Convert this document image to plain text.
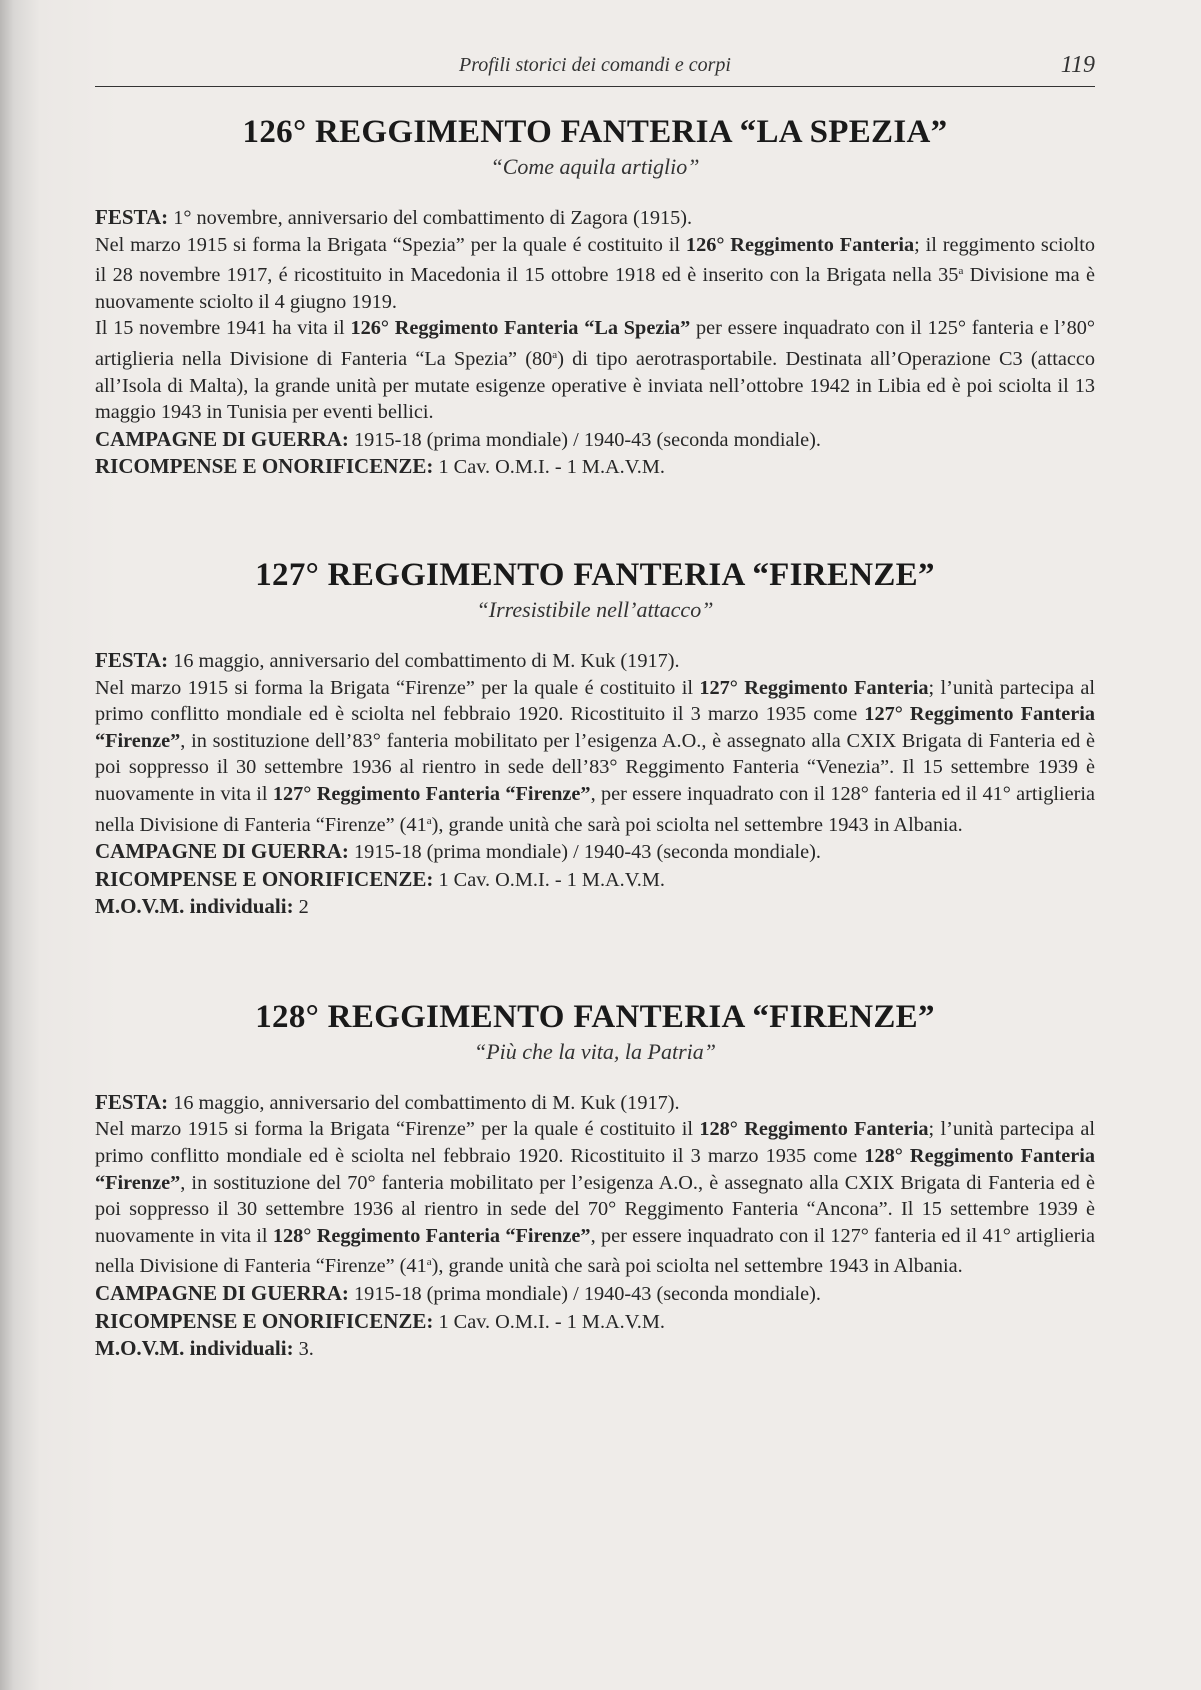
Profili storici dei comandi e corpi	119
126° REGGIMENTO FANTERIA “LA SPEZIA”
“Come aquila artiglio”
FESTA: 1° novembre, anniversario del combattimento di Zagora (1915).
Nel marzo 1915 si forma la Brigata “Spezia” per la quale é costituito il 126° Reggimento Fanteria; il reggimento sciolto il 28 novembre 1917, é ricostituito in Macedonia il 15 ottobre 1918 ed è inserito con la Brigata nella 35$^a$ Divisione ma è nuovamente sciolto il 4 giugno 1919.
Il 15 novembre 1941 ha vita il 126° Reggimento Fanteria “La Spezia” per essere inquadrato con il 125° fanteria e l’80° artiglieria nella Divisione di Fanteria “La Spezia” (80$^a$) di tipo aerotrasportabile. Destinata all’Operazione C3 (attacco all’Isola di Malta), la grande unità per mutate esigenze operative è inviata nell’ottobre 1942 in Libia ed è poi sciolta il 13 maggio 1943 in Tunisia per eventi bellici.
CAMPAGNE DI GUERRA: 1915-18 (prima mondiale) / 1940-43 (seconda mondiale).
RICOMPENSE E ONORIFICENZE: 1 Cav. O.M.I. - 1 M.A.V.M.
127° REGGIMENTO FANTERIA “FIRENZE”
“Irresistibile nell’attacco”
FESTA: 16 maggio, anniversario del combattimento di M. Kuk (1917).
Nel marzo 1915 si forma la Brigata “Firenze” per la quale é costituito il 127° Reggimento Fanteria; l’unità partecipa al primo conflitto mondiale ed è sciolta nel febbraio 1920. Ricostituito il 3 marzo 1935 come 127° Reggimento Fanteria “Firenze”, in sostituzione dell’83° fanteria mobilitato per l’esigenza A.O., è assegnato alla CXIX Brigata di Fanteria ed è poi soppresso il 30 settembre 1936 al rientro in sede dell’83° Reggimento Fanteria “Venezia”. Il 15 settembre 1939 è nuovamente in vita il 127° Reggimento Fanteria “Firenze”, per essere inquadrato con il 128° fanteria ed il 41° artiglieria nella Divisione di Fanteria “Firenze” (41$^a$), grande unità che sarà poi sciolta nel settembre 1943 in Albania.
CAMPAGNE DI GUERRA: 1915-18 (prima mondiale) / 1940-43 (seconda mondiale).
RICOMPENSE E ONORIFICENZE: 1 Cav. O.M.I. - 1 M.A.V.M.
M.O.V.M. individuali: 2
128° REGGIMENTO FANTERIA “FIRENZE”
“Più che la vita, la Patria”
FESTA: 16 maggio, anniversario del combattimento di M. Kuk (1917).
Nel marzo 1915 si forma la Brigata “Firenze” per la quale é costituito il 128° Reggimento Fanteria; l’unità partecipa al primo conflitto mondiale ed è sciolta nel febbraio 1920. Ricostituito il 3 marzo 1935 come 128° Reggimento Fanteria “Firenze”, in sostituzione del 70° fanteria mobilitato per l’esigenza A.O., è assegnato alla CXIX Brigata di Fanteria ed è poi soppresso il 30 settembre 1936 al rientro in sede del 70° Reggimento Fanteria “Ancona”. Il 15 settembre 1939 è nuovamente in vita il 128° Reggimento Fanteria “Firenze”, per essere inquadrato con il 127° fanteria ed il 41° artiglieria nella Divisione di Fanteria “Firenze” (41$^a$), grande unità che sarà poi sciolta nel settembre 1943 in Albania.
CAMPAGNE DI GUERRA: 1915-18 (prima mondiale) / 1940-43 (seconda mondiale).
RICOMPENSE E ONORIFICENZE: 1 Cav. O.M.I. - 1 M.A.V.M.
M.O.V.M. individuali: 3.
